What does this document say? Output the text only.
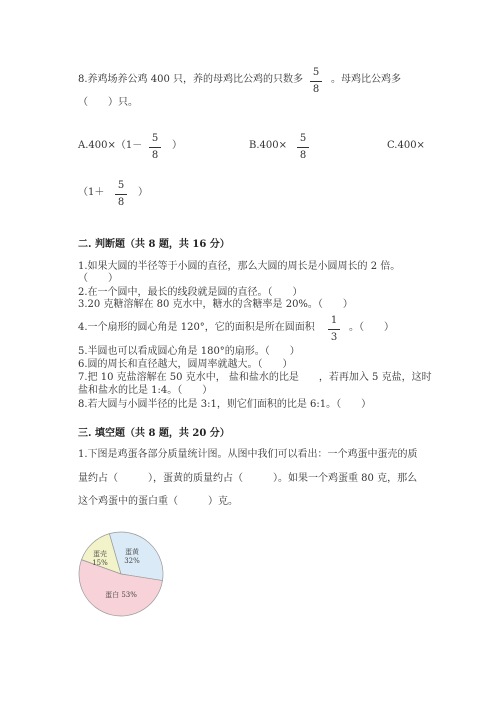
8.养鸡场养公鸡 400 只，养的母鸡比公鸡的只数多
5
8
。母鸡比公鸡多
（　　）只。
A.400×（1－
5
8
）	B.400×
5
8
C.400×
（1＋
5
8
）
二. 判断题（共 8 题，共 16 分）
1.如果大圆的半径等于小圆的直径，那么大圆的周长是小圆周长的 2 倍。
（　　）
2.在一个圆中，最长的线段就是圆的直径。（　　）
3.20 克糖溶解在 80 克水中，糖水的含糖率是 20%。（　　）
4.一个扇形的圆心角是 120°，它的面积是所在圆面积
1
3
。（　　）
5.半圆也可以看成圆心角是 180°的扇形。（　　）
6.圆的周长和直径越大，圆周率就越大。（　　）
7.把 10 克盐溶解在 50 克水中， 盐和盐水的比是　　，若再加入 5 克盐，这时
盐和盐水的比是 1:4。（　　）
8.若大圆与小圆半径的比是 3:1，则它们面积的比是 6:1。（　　）
三. 填空题（共 8 题，共 20 分）
1.下图是鸡蛋各部分质量统计图。从图中我们可以看出：一个鸡蛋中蛋壳的质
量约占（　　　），蛋黄的质量约占（　　　）。如果一个鸡蛋重 80 克，那么
这个鸡蛋中的蛋白重（　　　）克。
蛋壳 15%
蛋黄 32%
蛋白 53%
